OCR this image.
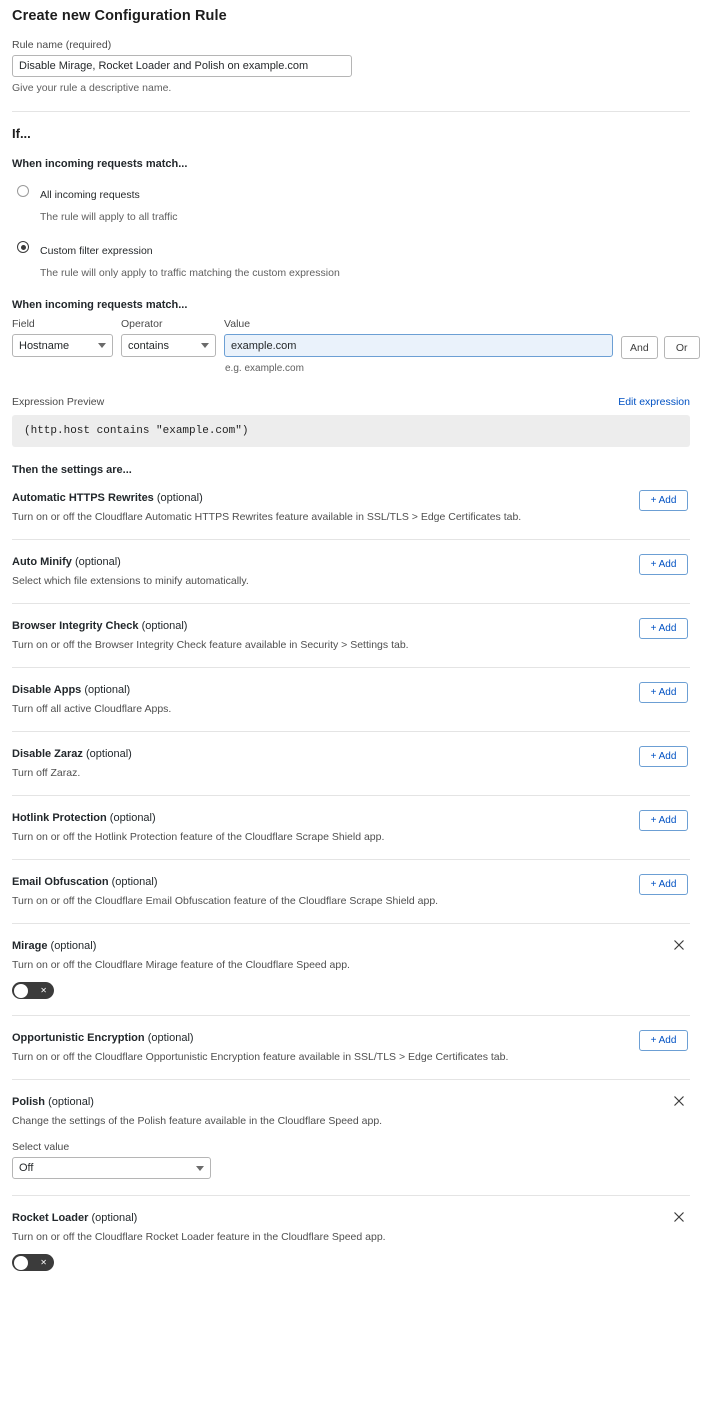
Create new Configuration Rule
Rule name (required)
Disable Mirage, Rocket Loader and Polish on example.com
Give your rule a descriptive name.
If...
When incoming requests match...
All incoming requests
The rule will apply to all traffic
Custom filter expression
The rule will only apply to traffic matching the custom expression
When incoming requests match...
Field
Hostname
Operator
contains
Value
example.com
e.g. example.com
And	Or
Expression Preview	Edit expression
(http.host contains "example.com")
Then the settings are...
Automatic HTTPS Rewrites (optional)
Turn on or off the Cloudflare Automatic HTTPS Rewrites feature available in SSL/TLS > Edge Certificates tab.
+ Add
Auto Minify (optional)
Select which file extensions to minify automatically.
+ Add
Browser Integrity Check (optional)
Turn on or off the Browser Integrity Check feature available in Security > Settings tab.
+ Add
Disable Apps (optional)
Turn off all active Cloudflare Apps.
+ Add
Disable Zaraz (optional)
Turn off Zaraz.
+ Add
Hotlink Protection (optional)
Turn on or off the Hotlink Protection feature of the Cloudflare Scrape Shield app.
+ Add
Email Obfuscation (optional)
Turn on or off the Cloudflare Email Obfuscation feature of the Cloudflare Scrape Shield app.
+ Add
Mirage (optional)
Turn on or off the Cloudflare Mirage feature of the Cloudflare Speed app.
✕
Opportunistic Encryption (optional)
Turn on or off the Cloudflare Opportunistic Encryption feature available in SSL/TLS > Edge Certificates tab.
+ Add
Polish (optional)
Change the settings of the Polish feature available in the Cloudflare Speed app.
Select value
Off
Rocket Loader (optional)
Turn on or off the Cloudflare Rocket Loader feature in the Cloudflare Speed app.
✕
